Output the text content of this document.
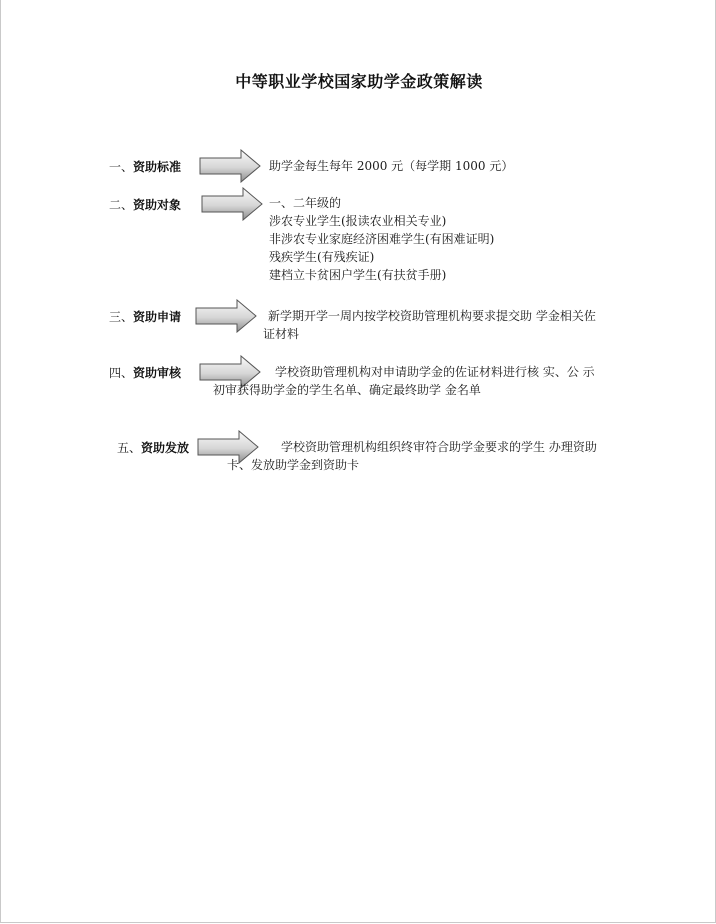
中等职业学校国家助学金政策解读
一、资助标准	助学金每生每年 2000 元（每学期 1000 元）
二、资助对象	一、二年级的
涉农专业学生(报读农业相关专业)
非涉农专业家庭经济困难学生(有困难证明)
残疾学生(有残疾证)
建档立卡贫困户学生(有扶贫手册)
三、资助申请	新学期开学一周内按学校资助管理机构要求提交助 学金相关佐
证材料
四、资助审核	学校资助管理机构对申请助学金的佐证材料进行核 实、公 示
初审获得助学金的学生名单、确定最终助学 金名单
五、资助发放	学校资助管理机构组织终审符合助学金要求的学生 办理资助
卡、发放助学金到资助卡
